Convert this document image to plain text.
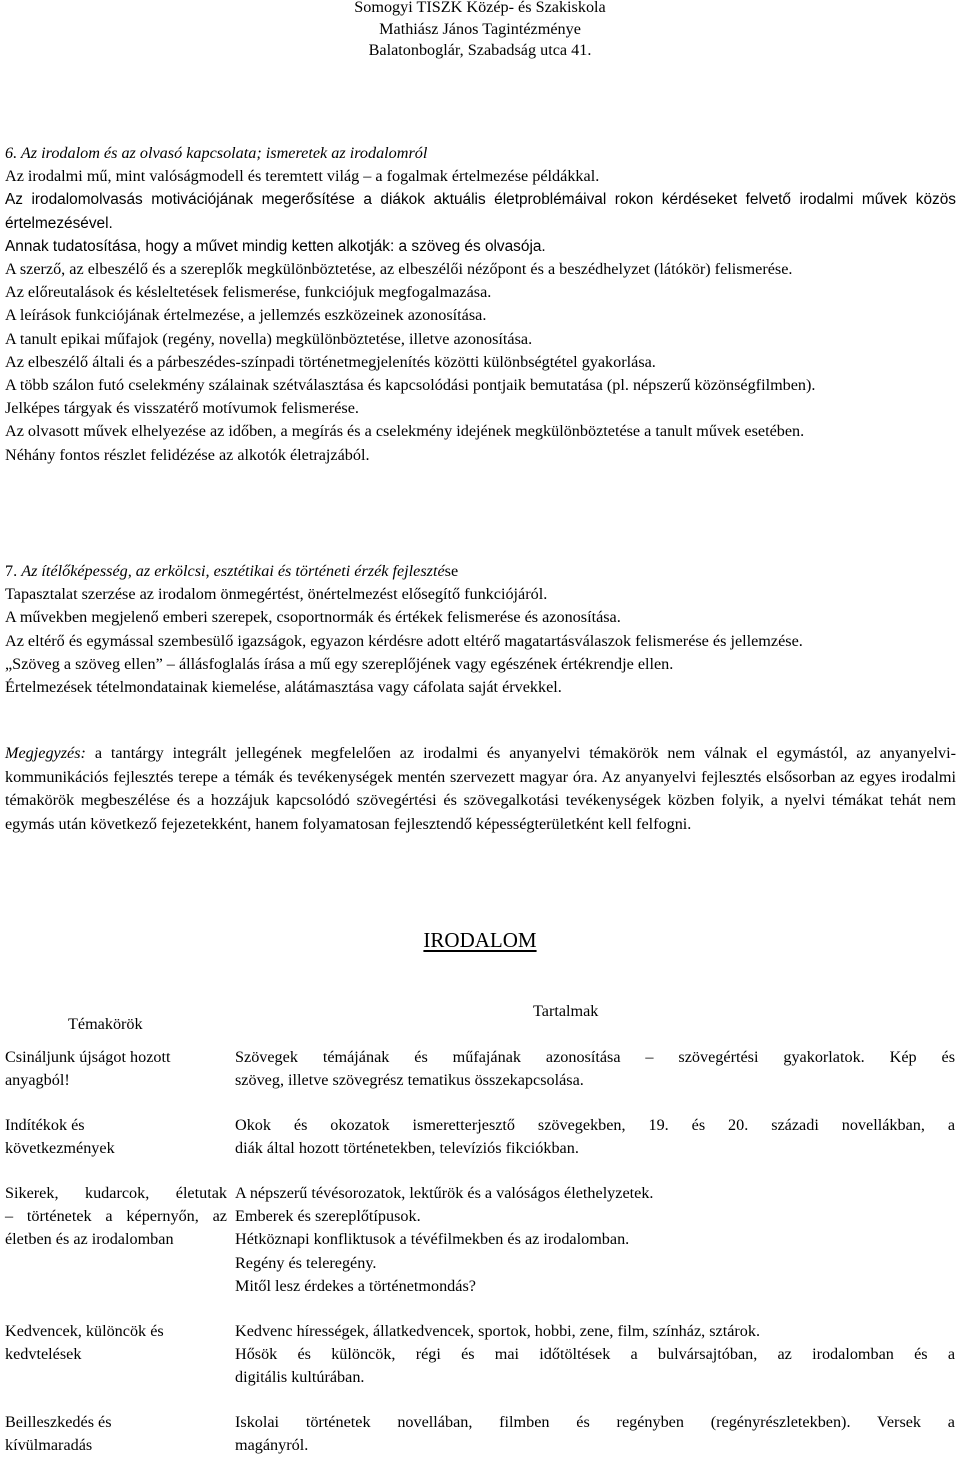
Somogyi TISZK Közép- és Szakiskola
Mathiász János Tagintézménye
Balatonboglár, Szabadság utca 41.

6. Az irodalom és az olvasó kapcsolata; ismeretek az irodalomról

Az irodalmi mű, mint valóságmodell és teremtett világ – a fogalmak értelmezése példákkal.

Az irodalomolvasás motivációjának megerősítése a diákok aktuális életproblémáival rokon kérdéseket felvető irodalmi művek közös értelmezésével.

Annak tudatosítása, hogy a művet mindig ketten alkotják: a szöveg és olvasója.

A szerző, az elbeszélő és a szereplők megkülönböztetése, az elbeszélői nézőpont és a beszédhelyzet (látókör) felismerése.

Az előreutalások és késleltetések felismerése, funkciójuk megfogalmazása.

A leírások funkciójának értelmezése, a jellemzés eszközeinek azonosítása.

A tanult epikai műfajok (regény, novella) megkülönböztetése, illetve azonosítása.

Az elbeszélő általi és a párbeszédes-színpadi történetmegjelenítés közötti különbségtétel gyakorlása.

A több szálon futó cselekmény szálainak szétválasztása és kapcsolódási pontjaik bemutatása (pl. népszerű közönségfilmben).

Jelképes tárgyak és visszatérő motívumok felismerése.

Az olvasott művek elhelyezése az időben, a megírás és a cselekmény idejének megkülönböztetése a tanult művek esetében.

Néhány fontos részlet felidézése az alkotók életrajzából.

7. Az ítélőképesség, az erkölcsi, esztétikai és történeti érzék fejlesztése

Tapasztalat szerzése az irodalom önmegértést, önértelmezést elősegítő funkciójáról.

A művekben megjelenő emberi szerepek, csoportnormák és értékek felismerése és azonosítása.

Az eltérő és egymással szembesülő igazságok, egyazon kérdésre adott eltérő magatartásválaszok felismerése és jellemzése.

„Szöveg a szöveg ellen” – állásfoglalás írása a mű egy szereplőjének vagy egészének értékrendje ellen.

Értelmezések tételmondatainak kiemelése, alátámasztása vagy cáfolata saját érvekkel.

Megjegyzés: a tantárgy integrált jellegének megfelelően az irodalmi és anyanyelvi témakörök nem válnak el egymástól, az anyanyelvi-kommunikációs fejlesztés terepe a témák és tevékenységek mentén szervezett magyar óra. Az anyanyelvi fejlesztés elsősorban az egyes irodalmi témakörök megbeszélése és a hozzájuk kapcsolódó szövegértési és szövegalkotási tevékenységek közben folyik, a nyelvi témákat tehát nem egymás után következő fejezetekként, hanem folyamatosan fejlesztendő képességterületként kell felfogni.

IRODALOM
Témakörök
Tartalmak
Csináljunk újságot hozott
anyagból!
Szövegek témájának és műfajának azonosítása – szövegértési gyakorlatok. Kép és
szöveg, illetve szövegrész tematikus összekapcsolása.
Indítékok és
következmények
Okok és okozatok ismeretterjesztő szövegekben, 19. és 20. századi novellákban, a
diák által hozott történetekben, televíziós fikciókban.
Sikerek, kudarcok, életutak
– történetek a képernyőn, az
életben és az irodalomban
A népszerű tévésorozatok, lektűrök és a valóságos élethelyzetek.
Emberek és szereplőtípusok.
Hétköznapi konfliktusok a tévéfilmekben és az irodalomban.
Regény és teleregény.
Mitől lesz érdekes a történetmondás?
Kedvencek, különcök és
kedvtelések
Kedvenc hírességek, állatkedvencek, sportok, hobbi, zene, film, színház, sztárok.
Hősök és különcök, régi és mai időtöltések a bulvársajtóban, az irodalomban és a
digitális kultúrában.
Beilleszkedés és
kívülmaradás
Iskolai történetek novellában, filmben és regényben (regényrészletekben). Versek a
magányról.
